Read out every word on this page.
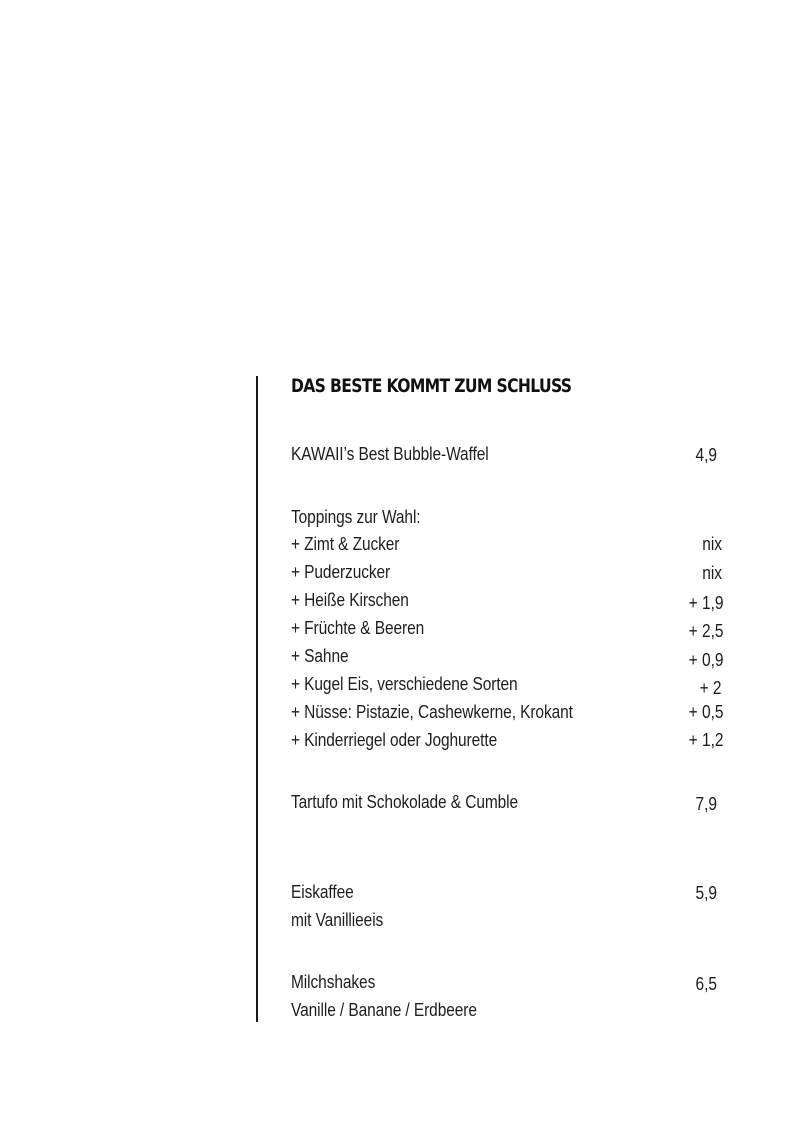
DAS BESTE KOMMT ZUM SCHLUSS
KAWAII’s Best Bubble-Waffel	4,9
Toppings zur Wahl:
+ Zimt & Zucker	nix
+ Puderzucker	nix
+ Heiße Kirschen	+ 1,9
+ Früchte & Beeren	+ 2,5
+ Sahne	+ 0,9
+ Kugel Eis, verschiedene Sorten	+ 2
+ Nüsse: Pistazie, Cashewkerne, Krokant	+ 0,5
+ Kinderriegel oder Joghurette	+ 1,2
Tartufo mit Schokolade & Cumble	7,9
Eiskaffee	5,9
mit Vanillieeis
Milchshakes	6,5
Vanille / Banane / Erdbeere
